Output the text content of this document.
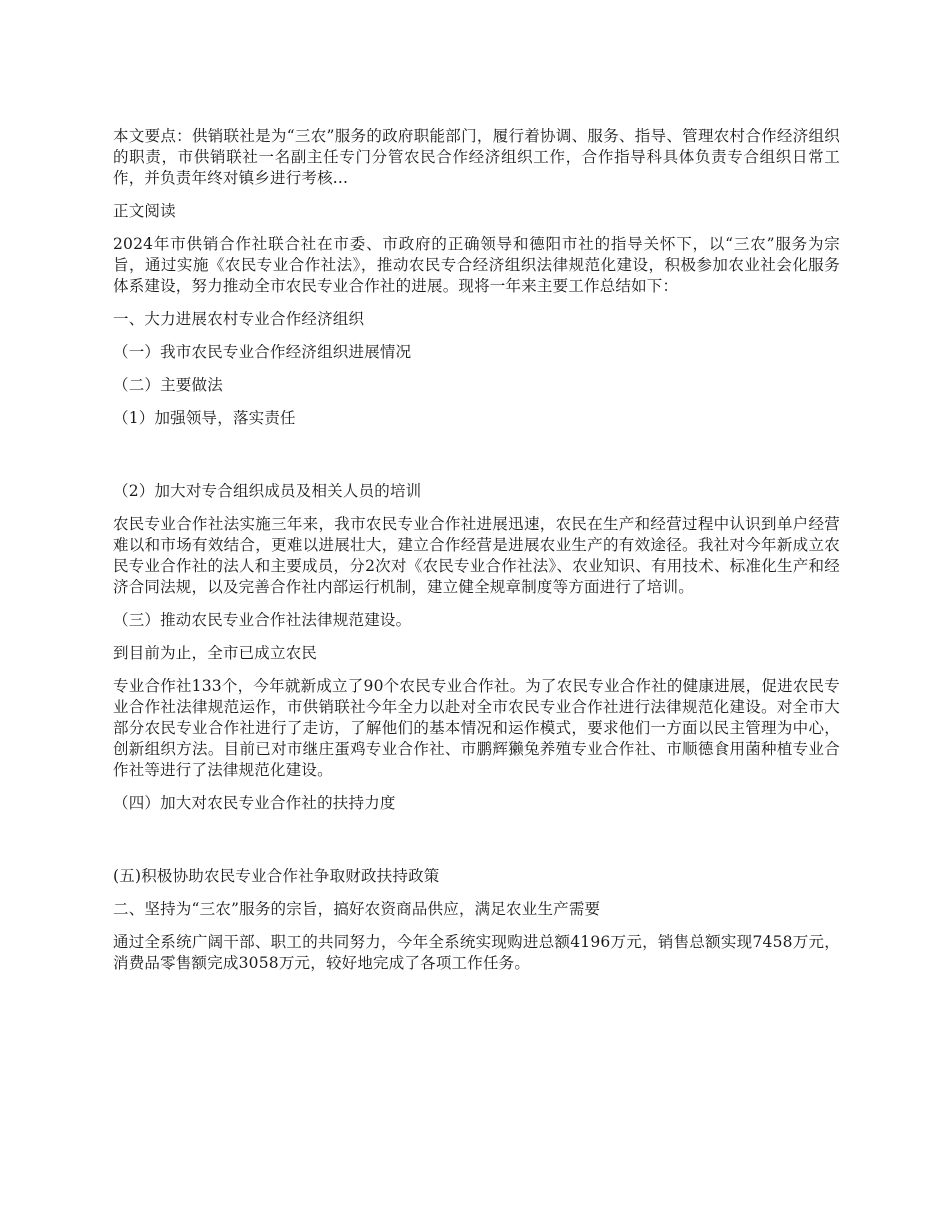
本文要点：供销联社是为“三农”服务的政府职能部门，履行着协调、服务、指导、管理农村合作经济组织的职责，市供销联社一名副主任专门分管农民合作经济组织工作，合作指导科具体负责专合组织日常工作，并负责年终对镇乡进行考核...

正文阅读

2024年市供销合作社联合社在市委、市政府的正确领导和德阳市社的指导关怀下，以“三农”服务为宗旨，通过实施《农民专业合作社法》，推动农民专合经济组织法律规范化建设，积极参加农业社会化服务体系建设，努力推动全市农民专业合作社的进展。现将一年来主要工作总结如下：

一、大力进展农村专业合作经济组织

（一）我市农民专业合作经济组织进展情况

（二）主要做法

（1）加强领导，落实责任

（2）加大对专合组织成员及相关人员的培训

农民专业合作社法实施三年来，我市农民专业合作社进展迅速，农民在生产和经营过程中认识到单户经营难以和市场有效结合，更难以进展壮大，建立合作经营是进展农业生产的有效途径。我社对今年新成立农民专业合作社的法人和主要成员，分2次对《农民专业合作社法》、农业知识、有用技术、标准化生产和经济合同法规，以及完善合作社内部运行机制，建立健全规章制度等方面进行了培训。

（三）推动农民专业合作社法律规范建设。

到目前为止，全市已成立农民

专业合作社133个，今年就新成立了90个农民专业合作社。为了农民专业合作社的健康进展，促进农民专业合作社法律规范运作，市供销联社今年全力以赴对全市农民专业合作社进行法律规范化建设。对全市大部分农民专业合作社进行了走访，了解他们的基本情况和运作模式，要求他们一方面以民主管理为中心，创新组织方法。目前已对市继庄蛋鸡专业合作社、市鹏辉獭兔养殖专业合作社、市顺德食用菌种植专业合作社等进行了法律规范化建设。

（四）加大对农民专业合作社的扶持力度

(五)积极协助农民专业合作社争取财政扶持政策

二、坚持为“三农”服务的宗旨，搞好农资商品供应，满足农业生产需要

通过全系统广阔干部、职工的共同努力，今年全系统实现购进总额4196万元，销售总额实现7458万元，消费品零售额完成3058万元，较好地完成了各项工作任务。
